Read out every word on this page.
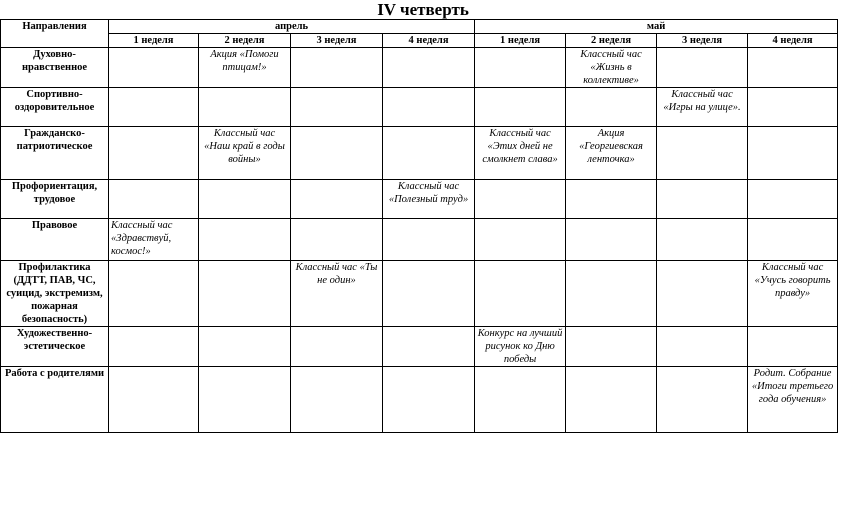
IV четверть
Направления	апрель				май			
	1 неделя	2 неделя	3 неделя	4 неделя	1 неделя	2 неделя	3 неделя	4 неделя
Духовно-нравственное		Акция «Помоги птицам!»				Классный час «Жизнь в коллективе»		
Спортивно-оздоровительное							Классный час «Игры на улице».	
Гражданско-патриотическое		Классный час «Наш край в годы войны»			Классный час «Этих дней не смолкнет слава»	Акция «Георгиевская ленточка»		
Профориентация, трудовое				Классный час «Полезный труд»				
Правовое	Классный час «Здравствуй, космос!»							
Профилактика (ДДТТ, ПАВ, ЧС, суицид, экстремизм, пожарная безопасность)			Классный час «Ты не один»					Классный час «Учусь говорить правду»
Художественно-эстетическое					Конкурс на лучший рисунок ко Дню победы			
Работа с родителями								Родит. Собрание «Итоги третьего года обучения»
